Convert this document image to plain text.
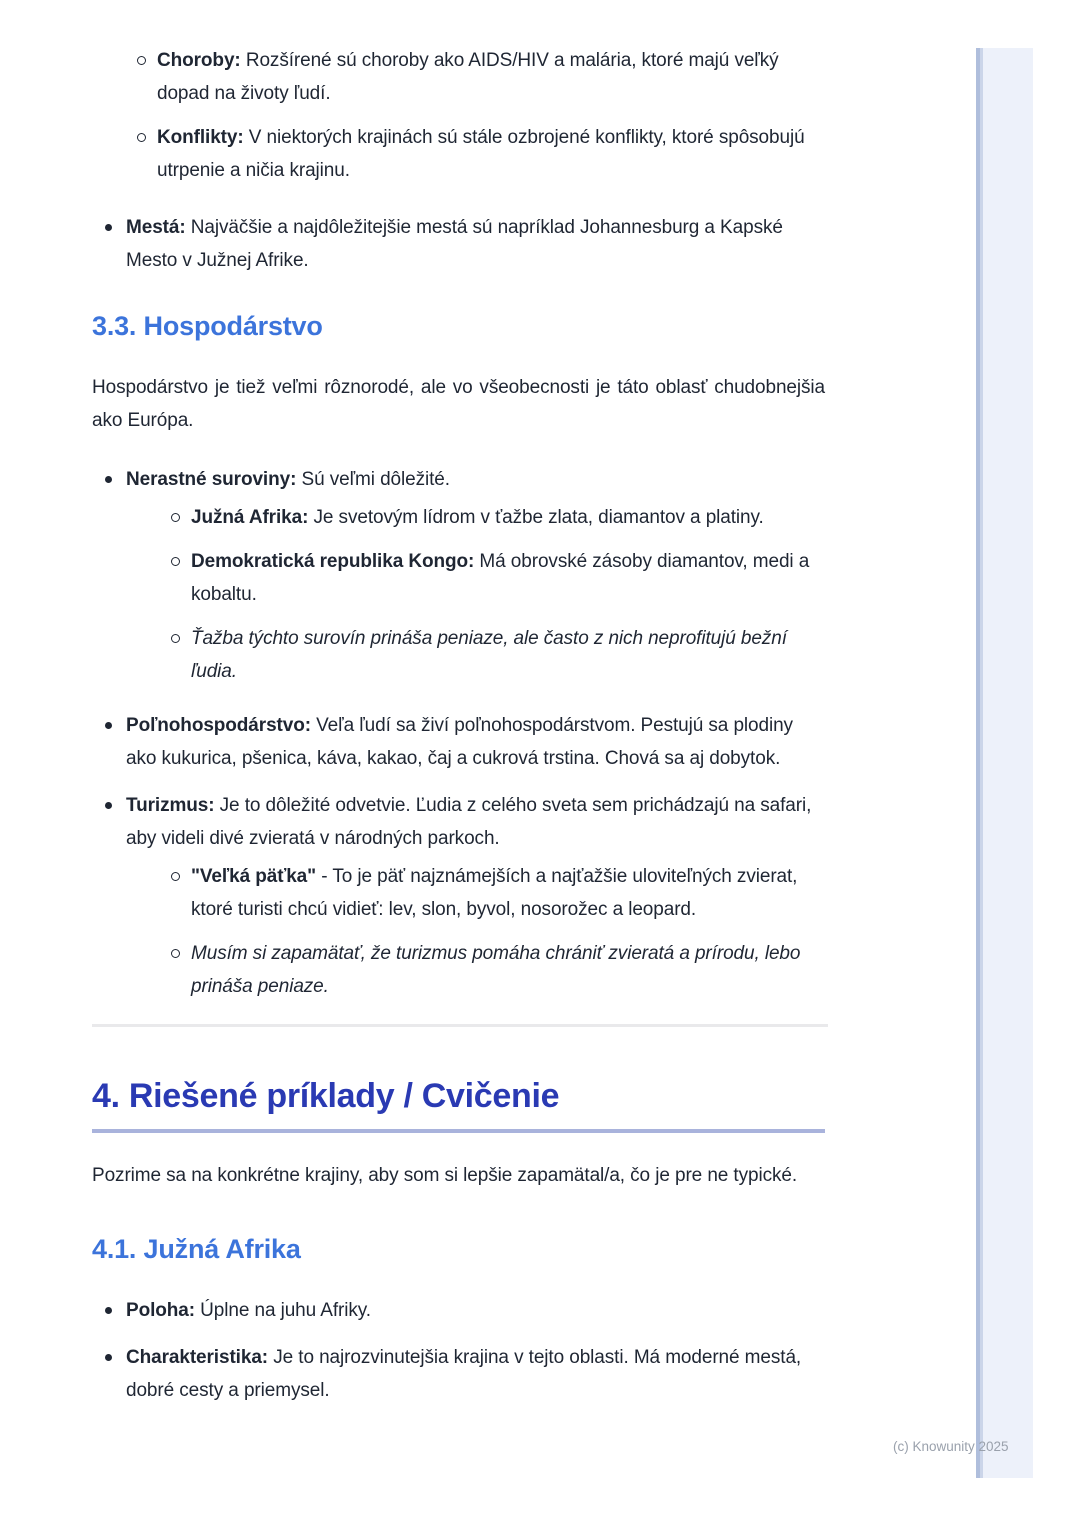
Choroby: Rozšírené sú choroby ako AIDS/HIV a malária, ktoré majú veľký dopad na životy ľudí.
Konflikty: V niektorých krajinách sú stále ozbrojené konflikty, ktoré spôsobujú utrpenie a ničia krajinu.
Mestá: Najväčšie a najdôležitejšie mestá sú napríklad Johannesburg a Kapské Mesto v Južnej Afrike.
3.3. Hospodárstvo

Hospodárstvo je tiež veľmi rôznorodé, ale vo všeobecnosti je táto oblasť chudobnejšia ako Európa.

Nerastné suroviny: Sú veľmi dôležité.
Južná Afrika: Je svetovým lídrom v ťažbe zlata, diamantov a platiny.
Demokratická republika Kongo: Má obrovské zásoby diamantov, medi a kobaltu.
Ťažba týchto surovín prináša peniaze, ale často z nich neprofitujú bežní ľudia.
Poľnohospodárstvo: Veľa ľudí sa živí poľnohospodárstvom. Pestujú sa plodiny ako kukurica, pšenica, káva, kakao, čaj a cukrová trstina. Chová sa aj dobytok.
Turizmus: Je to dôležité odvetvie. Ľudia z celého sveta sem prichádzajú na safari, aby videli divé zvieratá v národných parkoch.
"Veľká päťka" - To je päť najznámejších a najťažšie uloviteľných zvierat, ktoré turisti chcú vidieť: lev, slon, byvol, nosorožec a leopard.
Musím si zapamätať, že turizmus pomáha chrániť zvieratá a prírodu, lebo prináša peniaze.
4. Riešené príklady / Cvičenie

Pozrime sa na konkrétne krajiny, aby som si lepšie zapamätal/a, čo je pre ne typické.

4.1. Južná Afrika
Poloha: Úplne na juhu Afriky.
Charakteristika: Je to najrozvinutejšia krajina v tejto oblasti. Má moderné mestá, dobré cesty a priemysel.
(c) Knowunity 2025
